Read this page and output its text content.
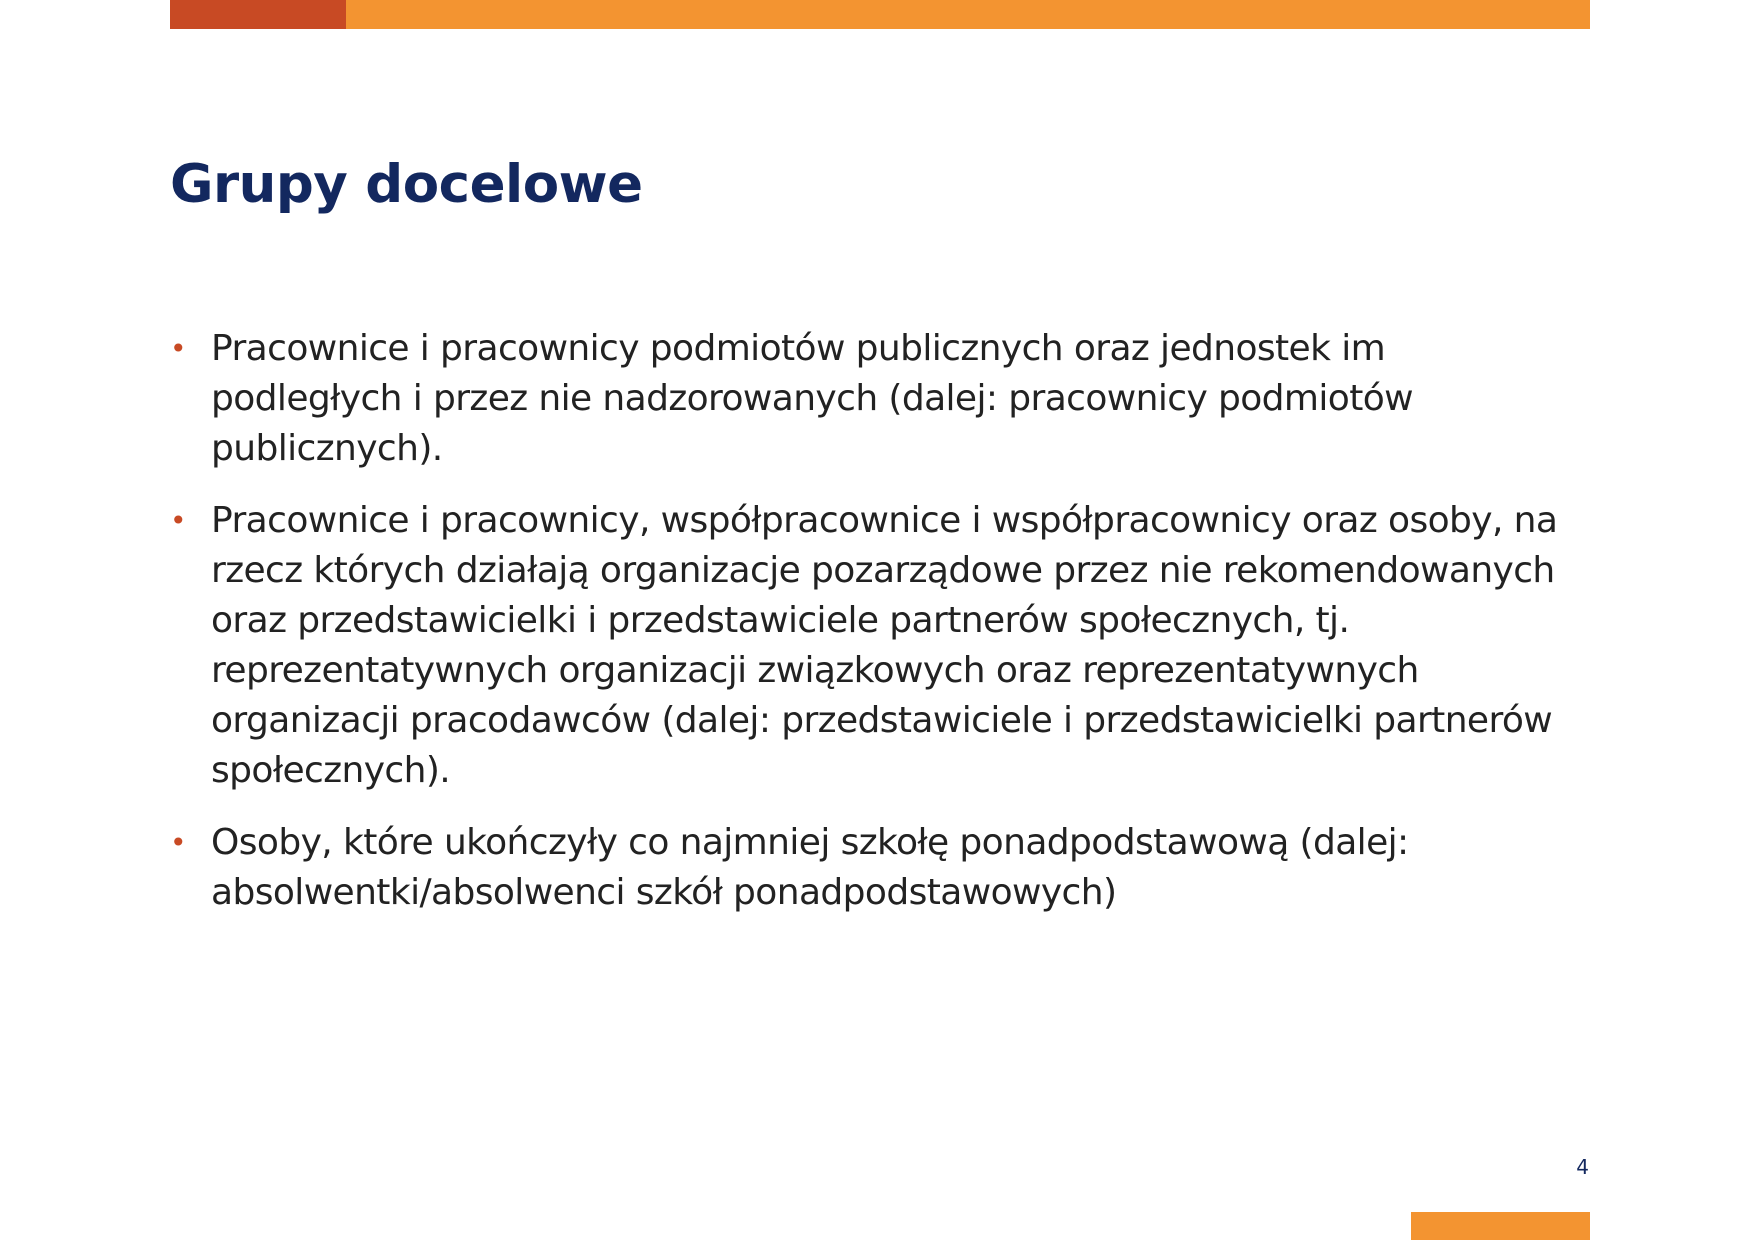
Grupy docelowe
• Pracownice i pracownicy podmiotów publicznych oraz jednostek im podległych i przez nie nadzorowanych (dalej: pracownicy podmiotów publicznych).
• Pracownice i pracownicy, współpracownice i współpracownicy oraz osoby, na rzecz których działają organizacje pozarządowe przez nie rekomendowanych oraz przedstawicielki i przedstawiciele partnerów społecznych, tj. reprezentatywnych organizacji związkowych oraz reprezentatywnych organizacji pracodawców (dalej: przedstawiciele i przedstawicielki partnerów społecznych).
• Osoby, które ukończyły co najmniej szkołę ponadpodstawową (dalej: absolwentki/absolwenci szkół ponadpodstawowych)
4
